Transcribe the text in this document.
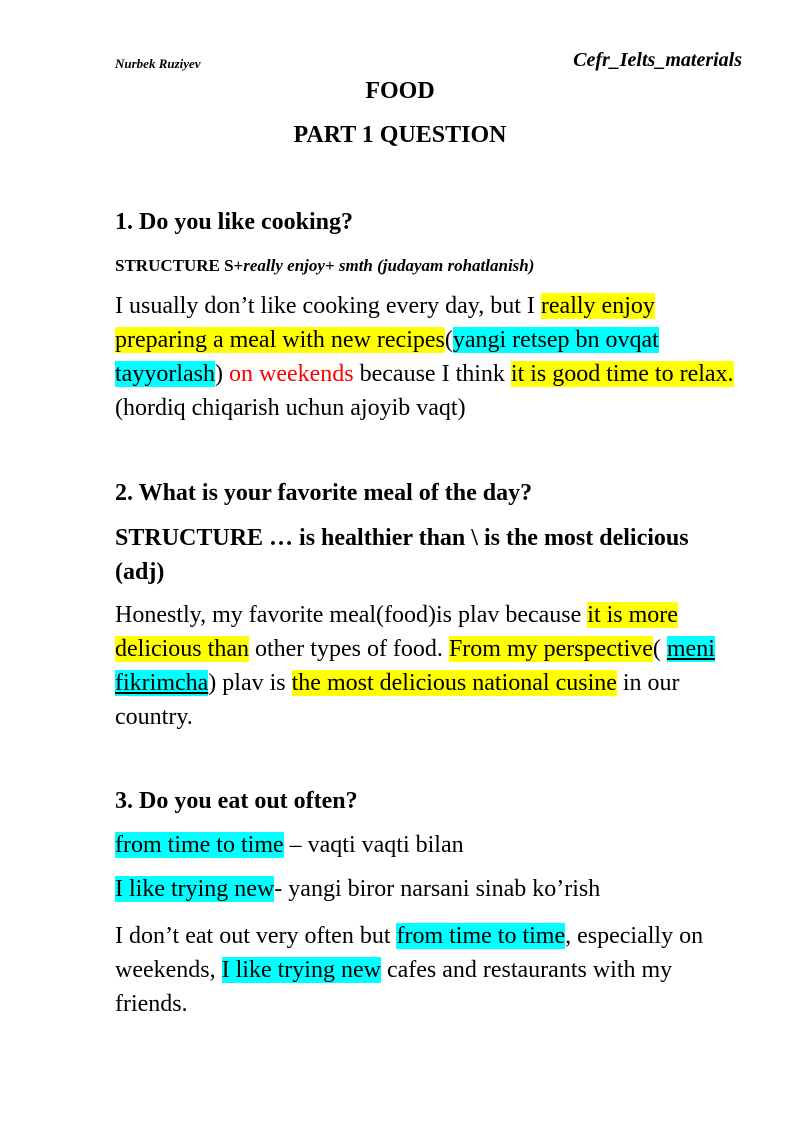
Nurbek Ruziyev	Cefr_Ielts_materials
FOOD
PART 1 QUESTION
1. Do you like cooking?
STRUCTURE S+really enjoy+ smth (judayam rohatlanish)
I usually don’t like cooking every day, but I really enjoy preparing a meal with new recipes(yangi retsep bn ovqat tayyorlash) on weekends because I think it is good time to relax. (hordiq chiqarish uchun ajoyib vaqt)
2. What is your favorite meal of the day?
STRUCTURE … is healthier than \ is the most delicious (adj)
Honestly, my favorite meal(food)is plav because it is more delicious than other types of food. From my perspective( meni fikrimcha) plav is the most delicious national cusine in our country.
3. Do you eat out often?
from time to time – vaqti vaqti bilan
I like trying new- yangi biror narsani sinab ko’rish
I don’t eat out very often but from time to time, especially on weekends, I like trying new cafes and restaurants with my friends.
